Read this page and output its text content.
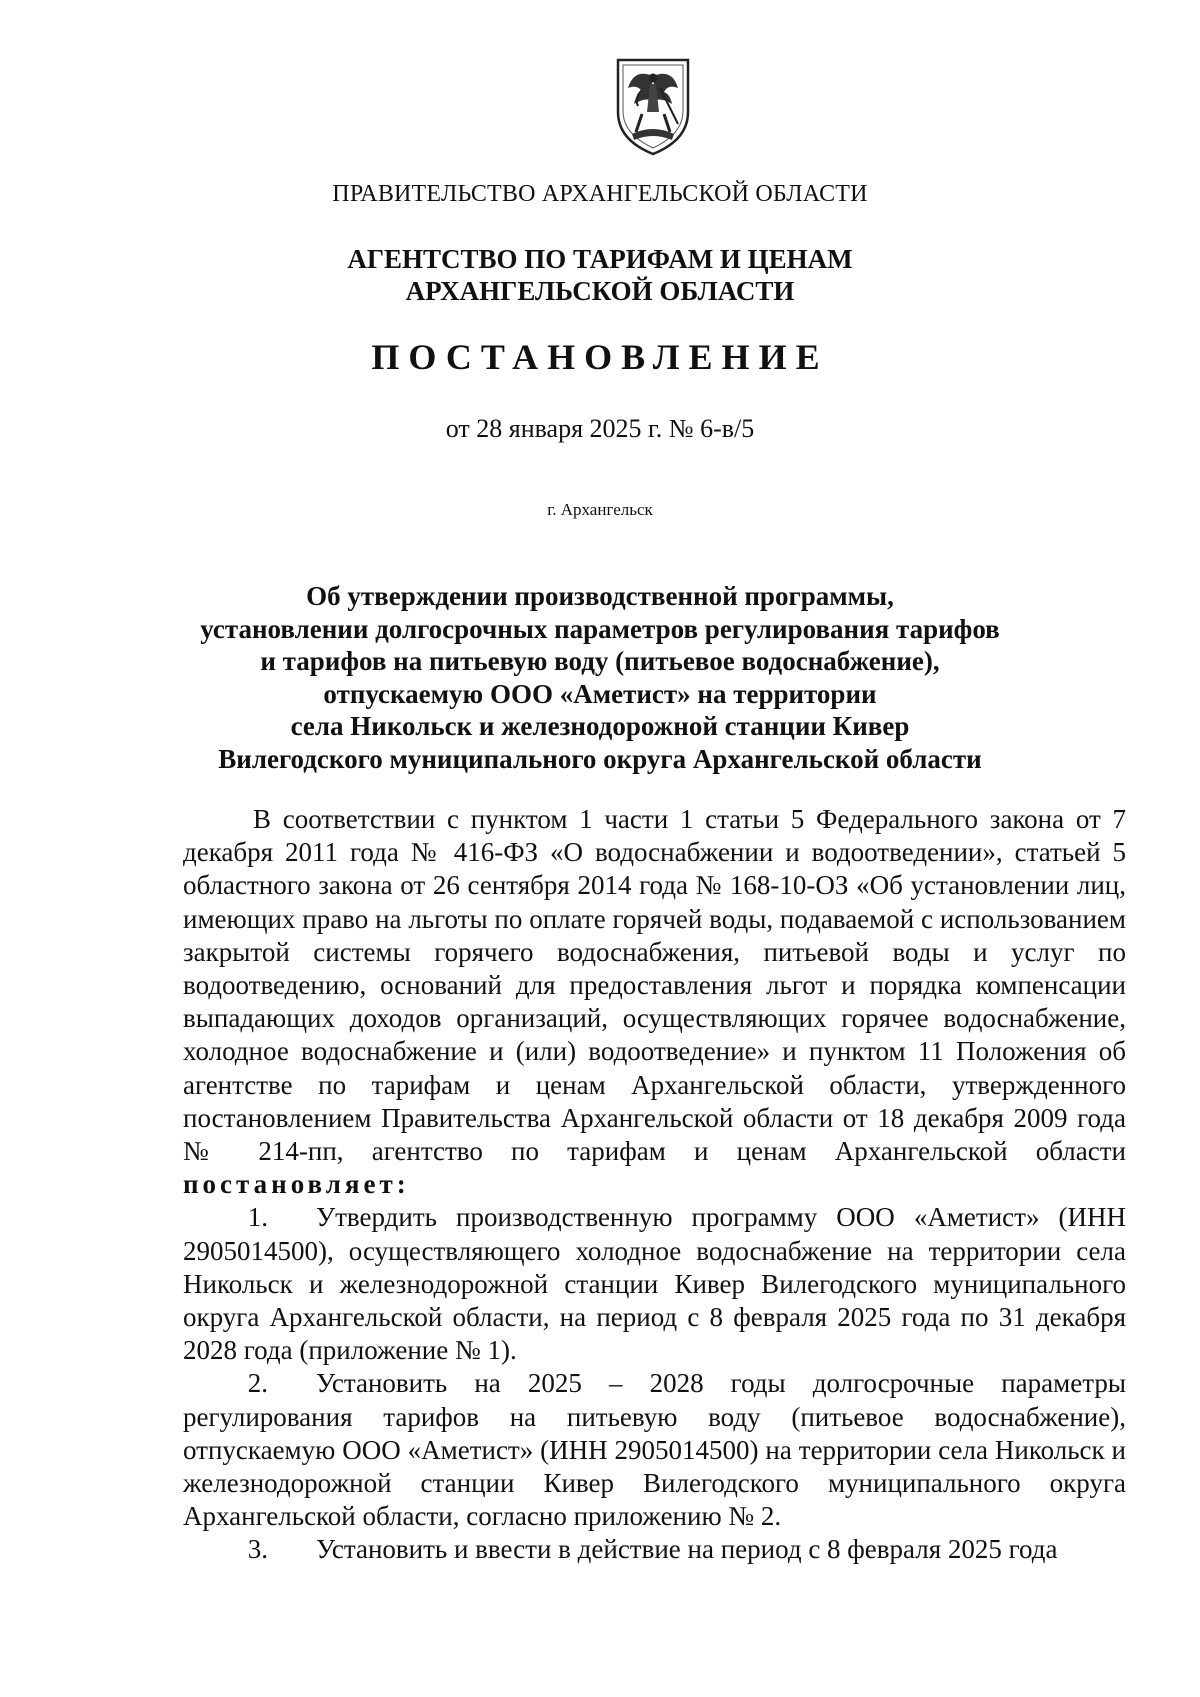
ПРАВИТЕЛЬСТВО АРХАНГЕЛЬСКОЙ ОБЛАСТИ
АГЕНТСТВО ПО ТАРИФАМ И ЦЕНАМ
АРХАНГЕЛЬСКОЙ ОБЛАСТИ
ПОСТАНОВЛЕНИЕ
от 28 января 2025 г. № 6-в/5
г. Архангельск
Об утверждении производственной программы,
установлении долгосрочных параметров регулирования тарифов
и тарифов на питьевую воду (питьевое водоснабжение),
отпускаемую ООО «Аметист» на территории
села Никольск и железнодорожной станции Кивер
Вилегодского муниципального округа Архангельской области

В соответствии с пунктом 1 части 1 статьи 5 Федерального закона от 7 декабря 2011 года № 416-ФЗ «О водоснабжении и водоотведении», статьей 5 областного закона от 26 сентября 2014 года № 168-10-ОЗ «Об установлении лиц, имеющих право на льготы по оплате горячей воды, подаваемой с использованием закрытой системы горячего водоснабжения, питьевой воды и услуг по водоотведению, оснований для предоставления льгот и порядка компенсации выпадающих доходов организаций, осуществляющих горячее водоснабжение, холодное водоснабжение и (или) водоотведение» и пунктом 11 Положения об агентстве по тарифам и ценам Архангельской области, утвержденного постановлением Правительства Архангельской области от 18 декабря 2009 года № 214-пп, агентство по тарифам и ценам Архангельской области постановляет:

1. Утвердить производственную программу ООО «Аметист» (ИНН 2905014500), осуществляющего холодное водоснабжение на территории села Никольск и железнодорожной станции Кивер Вилегодского муниципального округа Архангельской области, на период с 8 февраля 2025 года по 31 декабря 2028 года (приложение № 1).

2. Установить на 2025 – 2028 годы долгосрочные параметры регулирования тарифов на питьевую воду (питьевое водоснабжение), отпускаемую ООО «Аметист» (ИНН 2905014500) на территории села Никольск и железнодорожной станции Кивер Вилегодского муниципального округа Архангельской области, согласно приложению № 2.

3. Установить и ввести в действие на период с 8 февраля 2025 года
